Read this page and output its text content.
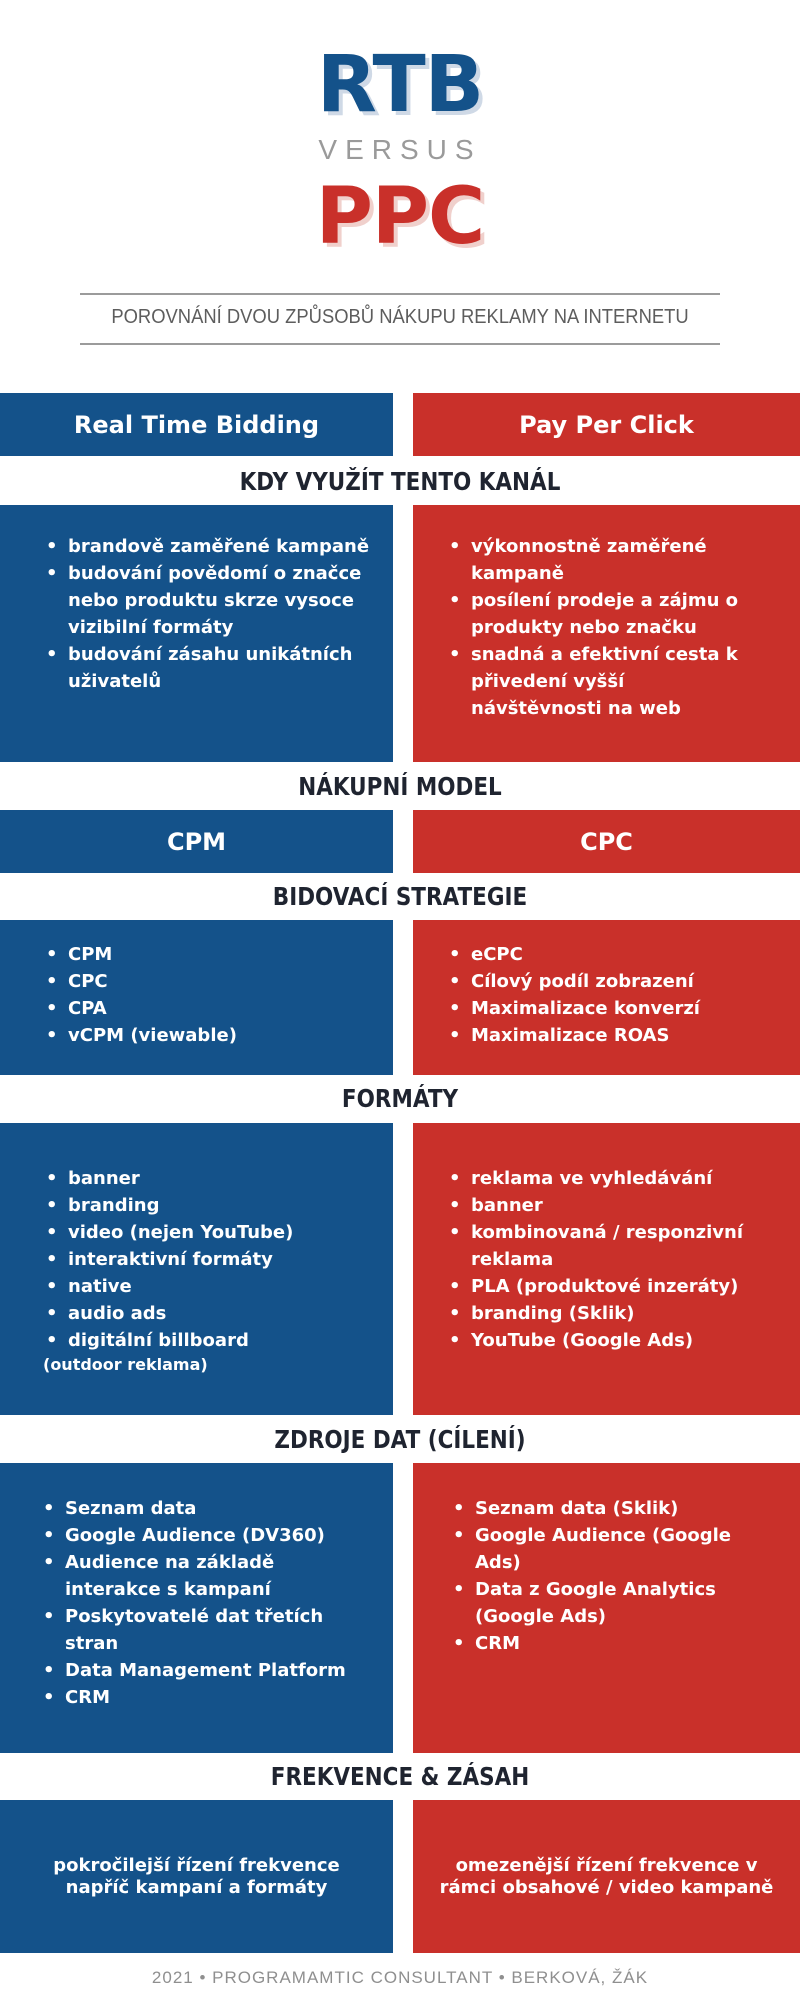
RTB
VERSUS
PPC
POROVNÁNÍ DVOU ZPŮSOBŮ NÁKUPU REKLAMY NA INTERNETU
Real Time Bidding	Pay Per Click
KDY VYUŽÍT TENTO KANÁL
• brandově zaměřené kampaně
• budování povědomí o značce nebo produktu skrze vysoce vizibilní formáty
• budování zásahu unikátních uživatelů
• výkonnostně zaměřené kampaně
• posílení prodeje a zájmu o produkty nebo značku
• snadná a efektivní cesta k přivedení vyšší návštěvnosti na web
NÁKUPNÍ MODEL
CPM	CPC
BIDOVACÍ STRATEGIE
• CPM
• CPC
• CPA
• vCPM (viewable)
• eCPC
• Cílový podíl zobrazení
• Maximalizace konverzí
• Maximalizace ROAS
FORMÁTY
• banner
• branding
• video (nejen YouTube)
• interaktivní formáty
• native
• audio ads
• digitální billboard
(outdoor reklama)
• reklama ve vyhledávání
• banner
• kombinovaná / responzivní reklama
• PLA (produktové inzeráty)
• branding (Sklik)
• YouTube (Google Ads)
ZDROJE DAT (CÍLENÍ)
• Seznam data
• Google Audience (DV360)
• Audience na základě interakce s kampaní
• Poskytovatelé dat třetích stran
• Data Management Platform
• CRM
• Seznam data (Sklik)
• Google Audience (Google Ads)
• Data z Google Analytics (Google Ads)
• CRM
FREKVENCE & ZÁSAH
pokročilejší řízení frekvence napříč kampaní a formáty
omezenější řízení frekvence v rámci obsahové / video kampaně
2021 • PROGRAMAMTIC CONSULTANT • BERKOVÁ, ŽÁK
